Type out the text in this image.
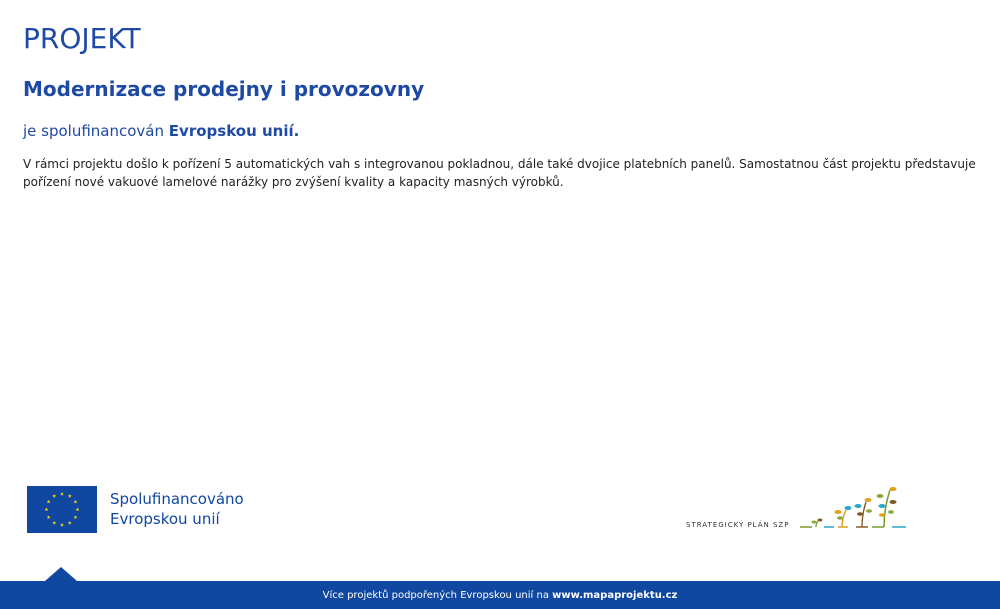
PROJEKT
Modernizace prodejny i provozovny

je spolufinancován Evropskou unií.

V rámci projektu došlo k pořízení 5 automatických vah s integrovanou pokladnou, dále také dvojice platebních panelů. Samostatnou část projektu představuje pořízení nové vakuové lamelové narážky pro zvýšení kvality a kapacity masných výrobků.

Spolufinancováno
Evropskou unií	STRATEGICKÝ PLÁN SZP
Více projektů podpořených Evropskou unií na www.mapaprojektu.cz
